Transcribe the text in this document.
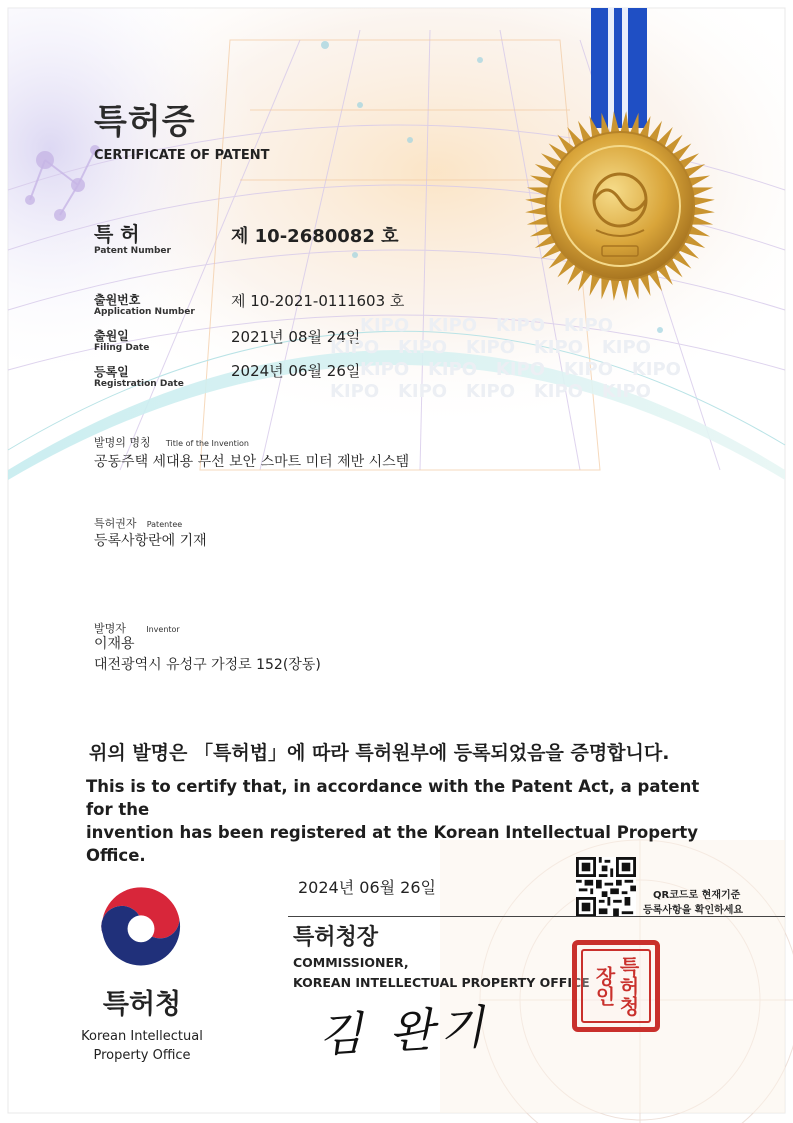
특허증
CERTIFICATE OF PATENT
특 허
Patent Number
제 10-2680082 호
출원번호
Application Number
제 10-2021-0111603 호
출원일
Filing Date
2021년 08월 24일
등록일
Registration Date
2024년 06월 26일
KIPO KIPO KIPO KIPO
KIPO KIPO KIPO KIPO KIPO
KIPO KIPO KIPO KIPO KIPO
KIPO KIPO KIPO KIPO KIPO
발명의 명칭 Title of the Invention
공동주택 세대용 무선 보안 스마트 미터 제반 시스템
특허권자 Patentee
등록사항란에 기재
발명자	Inventor
이재용
대전광역시 유성구 가정로 152(장동)
위의 발명은 「특허법」에 따라 특허원부에 등록되었음을 증명합니다.
This is to certify that, in accordance with the Patent Act, a patent for the
invention has been registered at the Korean Intellectual Property Office.
2024년 06월 26일	QR코드로 현재기준
등록사항을 확인하세요
특허청장
COMMISSIONER,
KOREAN INTELLECTUAL PROPERTY OFFICE
김 완기
특허청장인
특허청
Korean Intellectual
Property Office
